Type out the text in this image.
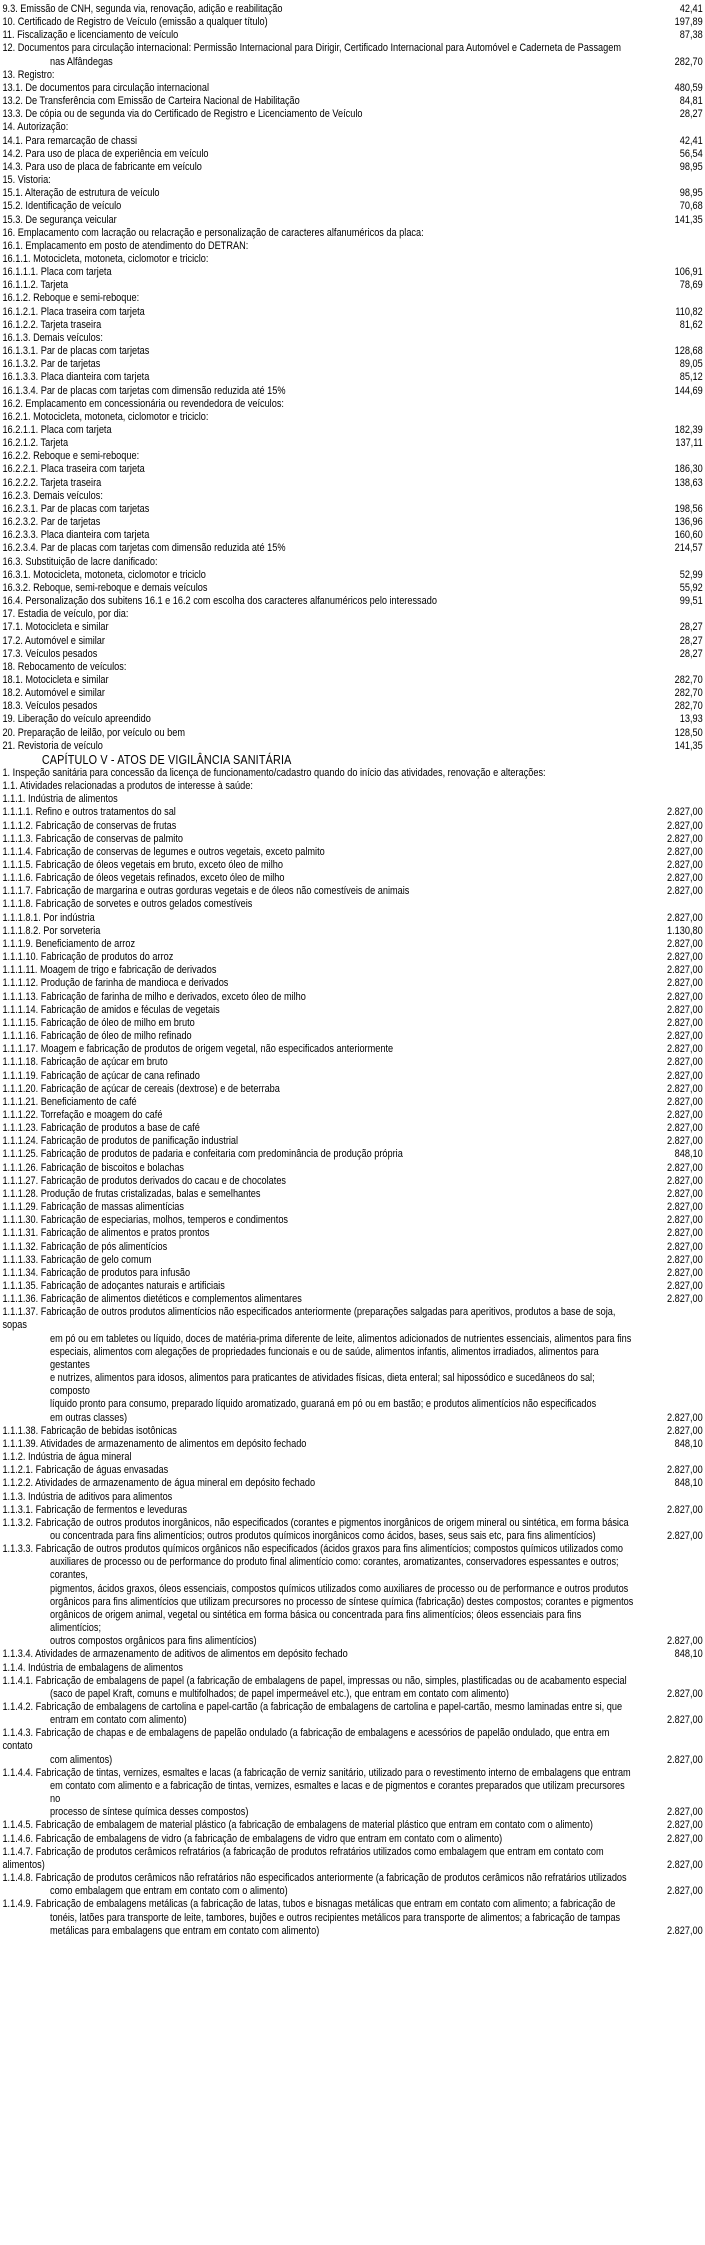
9.3. Emissão de CNH, segunda via, renovação, adição e reabilitação	42,41
10. Certificado de Registro de Veículo (emissão a qualquer título)	197,89
11. Fiscalização e licenciamento de veículo	87,38
12. Documentos para circulação internacional: Permissão Internacional para Dirigir, Certificado Internacional para Automóvel e Caderneta de Passagem
nas Alfândegas	282,70
13. Registro:
13.1. De documentos para circulação internacional	480,59
13.2. De Transferência com Emissão de Carteira Nacional de Habilitação	84,81
13.3. De cópia ou de segunda via do Certificado de Registro e Licenciamento de Veículo	28,27
14. Autorização:
14.1. Para remarcação de chassi	42,41
14.2. Para uso de placa de experiência em veículo	56,54
14.3. Para uso de placa de fabricante em veículo	98,95
15. Vistoria:
15.1. Alteração de estrutura de veículo	98,95
15.2. Identificação de veículo	70,68
15.3. De segurança veicular	141,35
16. Emplacamento com lacração ou relacração e personalização de caracteres alfanuméricos da placa:
16.1. Emplacamento em posto de atendimento do DETRAN:
16.1.1. Motocicleta, motoneta, ciclomotor e triciclo:
16.1.1.1. Placa com tarjeta	106,91
16.1.1.2. Tarjeta	78,69
16.1.2. Reboque e semi-reboque:
16.1.2.1. Placa traseira com tarjeta	110,82
16.1.2.2. Tarjeta traseira	81,62
16.1.3. Demais veículos:
16.1.3.1. Par de placas com tarjetas	128,68
16.1.3.2. Par de tarjetas	89,05
16.1.3.3. Placa dianteira com tarjeta	85,12
16.1.3.4. Par de placas com tarjetas com dimensão reduzida até 15%	144,69
16.2. Emplacamento em concessionária ou revendedora de veículos:
16.2.1. Motocicleta, motoneta, ciclomotor e triciclo:
16.2.1.1. Placa com tarjeta	182,39
16.2.1.2. Tarjeta	137,11
16.2.2. Reboque e semi-reboque:
16.2.2.1. Placa traseira com tarjeta	186,30
16.2.2.2. Tarjeta traseira	138,63
16.2.3. Demais veículos:
16.2.3.1. Par de placas com tarjetas	198,56
16.2.3.2. Par de tarjetas	136,96
16.2.3.3. Placa dianteira com tarjeta	160,60
16.2.3.4. Par de placas com tarjetas com dimensão reduzida até 15%	214,57
16.3. Substituição de lacre danificado:
16.3.1. Motocicleta, motoneta, ciclomotor e triciclo	52,99
16.3.2. Reboque, semi-reboque e demais veículos	55,92
16.4. Personalização dos subitens 16.1 e 16.2 com escolha dos caracteres alfanuméricos pelo interessado	99,51
17. Estadia de veículo, por dia:
17.1. Motocicleta e similar	28,27
17.2. Automóvel e similar	28,27
17.3. Veículos pesados	28,27
18. Rebocamento de veículos:
18.1. Motocicleta e similar	282,70
18.2. Automóvel e similar	282,70
18.3. Veículos pesados	282,70
19. Liberação do veículo apreendido	13,93
20. Preparação de leilão, por veículo ou bem	128,50
21. Revistoria de veículo	141,35
CAPÍTULO V - ATOS DE VIGILÂNCIA SANITÁRIA
1. Inspeção sanitária para concessão da licença de funcionamento/cadastro quando do início das atividades, renovação e alterações:
1.1. Atividades relacionadas a produtos de interesse à saúde:
1.1.1. Indústria de alimentos
1.1.1.1. Refino e outros tratamentos do sal	2.827,00
1.1.1.2. Fabricação de conservas de frutas	2.827,00
1.1.1.3. Fabricação de conservas de palmito	2.827,00
1.1.1.4. Fabricação de conservas de legumes e outros vegetais, exceto palmito	2.827,00
1.1.1.5. Fabricação de óleos vegetais em bruto, exceto óleo de milho	2.827,00
1.1.1.6. Fabricação de óleos vegetais refinados, exceto óleo de milho	2.827,00
1.1.1.7. Fabricação de margarina e outras gorduras vegetais e de óleos não comestíveis de animais	2.827,00
1.1.1.8. Fabricação de sorvetes e outros gelados comestíveis
1.1.1.8.1. Por indústria	2.827,00
1.1.1.8.2. Por sorveteria	1.130,80
1.1.1.9. Beneficiamento de arroz	2.827,00
1.1.1.10. Fabricação de produtos do arroz	2.827,00
1.1.1.11. Moagem de trigo e fabricação de derivados	2.827,00
1.1.1.12. Produção de farinha de mandioca e derivados	2.827,00
1.1.1.13. Fabricação de farinha de milho e derivados, exceto óleo de milho	2.827,00
1.1.1.14. Fabricação de amidos e féculas de vegetais	2.827,00
1.1.1.15. Fabricação de óleo de milho em bruto	2.827,00
1.1.1.16. Fabricação de óleo de milho refinado	2.827,00
1.1.1.17. Moagem e fabricação de produtos de origem vegetal, não especificados anteriormente	2.827,00
1.1.1.18. Fabricação de açúcar em bruto	2.827,00
1.1.1.19. Fabricação de açúcar de cana refinado	2.827,00
1.1.1.20. Fabricação de açúcar de cereais (dextrose) e de beterraba	2.827,00
1.1.1.21. Beneficiamento de café	2.827,00
1.1.1.22. Torrefação e moagem do café	2.827,00
1.1.1.23. Fabricação de produtos a base de café	2.827,00
1.1.1.24. Fabricação de produtos de panificação industrial	2.827,00
1.1.1.25. Fabricação de produtos de padaria e confeitaria com predominância de produção própria	848,10
1.1.1.26. Fabricação de biscoitos e bolachas	2.827,00
1.1.1.27. Fabricação de produtos derivados do cacau e de chocolates	2.827,00
1.1.1.28. Produção de frutas cristalizadas, balas e semelhantes	2.827,00
1.1.1.29. Fabricação de massas alimentícias	2.827,00
1.1.1.30. Fabricação de especiarias, molhos, temperos e condimentos	2.827,00
1.1.1.31. Fabricação de alimentos e pratos prontos	2.827,00
1.1.1.32. Fabricação de pós alimentícios	2.827,00
1.1.1.33. Fabricação de gelo comum	2.827,00
1.1.1.34. Fabricação de produtos para infusão	2.827,00
1.1.1.35. Fabricação de adoçantes naturais e artificiais	2.827,00
1.1.1.36. Fabricação de alimentos dietéticos e complementos alimentares	2.827,00
1.1.1.37. Fabricação de outros produtos alimentícios não especificados anteriormente (preparações salgadas para aperitivos, produtos a base de soja, sopas
em pó ou em tabletes ou líquido, doces de matéria-prima diferente de leite, alimentos adicionados de nutrientes essenciais, alimentos para fins
especiais, alimentos com alegações de propriedades funcionais e ou de saúde, alimentos infantis, alimentos irradiados, alimentos para gestantes
e nutrizes, alimentos para idosos, alimentos para praticantes de atividades físicas, dieta enteral; sal hipossódico e sucedâneos do sal; composto
líquido pronto para consumo, preparado líquido aromatizado, guaraná em pó ou em bastão; e produtos alimentícios não especificados
em outras classes)	2.827,00
1.1.1.38. Fabricação de bebidas isotônicas	2.827,00
1.1.1.39. Atividades de armazenamento de alimentos em depósito fechado	848,10
1.1.2. Indústria de água mineral
1.1.2.1. Fabricação de águas envasadas	2.827,00
1.1.2.2. Atividades de armazenamento de água mineral em depósito fechado	848,10
1.1.3. Indústria de aditivos para alimentos
1.1.3.1. Fabricação de fermentos e leveduras	2.827,00
1.1.3.2. Fabricação de outros produtos inorgânicos, não especificados (corantes e pigmentos inorgânicos de origem mineral ou sintética, em forma básica
ou concentrada para fins alimentícios; outros produtos químicos inorgânicos como ácidos, bases, seus sais etc, para fins alimentícios)	2.827,00
1.1.3.3. Fabricação de outros produtos químicos orgânicos não especificados (ácidos graxos para fins alimentícios; compostos químicos utilizados como
auxiliares de processo ou de performance do produto final alimentício como: corantes, aromatizantes, conservadores espessantes e outros; corantes,
pigmentos, ácidos graxos, óleos essenciais, compostos químicos utilizados como auxiliares de processo ou de performance e outros produtos
orgânicos para fins alimentícios que utilizam precursores no processo de síntese química (fabricação) destes compostos; corantes e pigmentos
orgânicos de origem animal, vegetal ou sintética em forma básica ou concentrada para fins alimentícios; óleos essenciais para fins alimentícios;
outros compostos orgânicos para fins alimentícios)	2.827,00
1.1.3.4. Atividades de armazenamento de aditivos de alimentos em depósito fechado	848,10
1.1.4. Indústria de embalagens de alimentos
1.1.4.1. Fabricação de embalagens de papel (a fabricação de embalagens de papel, impressas ou não, simples, plastificadas ou de acabamento especial
(saco de papel Kraft, comuns e multifolhados; de papel impermeável etc.), que entram em contato com alimento)	2.827,00
1.1.4.2. Fabricação de embalagens de cartolina e papel-cartão (a fabricação de embalagens de cartolina e papel-cartão, mesmo laminadas entre si, que
entram em contato com alimento)	2.827,00
1.1.4.3. Fabricação de chapas e de embalagens de papelão ondulado (a fabricação de embalagens e acessórios de papelão ondulado, que entra em contato
com alimentos)	2.827,00
1.1.4.4. Fabricação de tintas, vernizes, esmaltes e lacas (a fabricação de verniz sanitário, utilizado para o revestimento interno de embalagens que entram
em contato com alimento e a fabricação de tintas, vernizes, esmaltes e lacas e de pigmentos e corantes preparados que utilizam precursores no
processo de síntese química desses compostos)	2.827,00
1.1.4.5. Fabricação de embalagem de material plástico (a fabricação de embalagens de material plástico que entram em contato com o alimento)	2.827,00
1.1.4.6. Fabricação de embalagens de vidro (a fabricação de embalagens de vidro que entram em contato com o alimento)	2.827,00
1.1.4.7. Fabricação de produtos cerâmicos refratários (a fabricação de produtos refratários utilizados como embalagem que entram em contato com alimentos)	2.827,00
1.1.4.8. Fabricação de produtos cerâmicos não refratários não especificados anteriormente (a fabricação de produtos cerâmicos não refratários utilizados
como embalagem que entram em contato com o alimento)	2.827,00
1.1.4.9. Fabricação de embalagens metálicas (a fabricação de latas, tubos e bisnagas metálicas que entram em contato com alimento; a fabricação de
tonéis, latões para transporte de leite, tambores, bujões e outros recipientes metálicos para transporte de alimentos; a fabricação de tampas
metálicas para embalagens que entram em contato com alimento)	2.827,00
